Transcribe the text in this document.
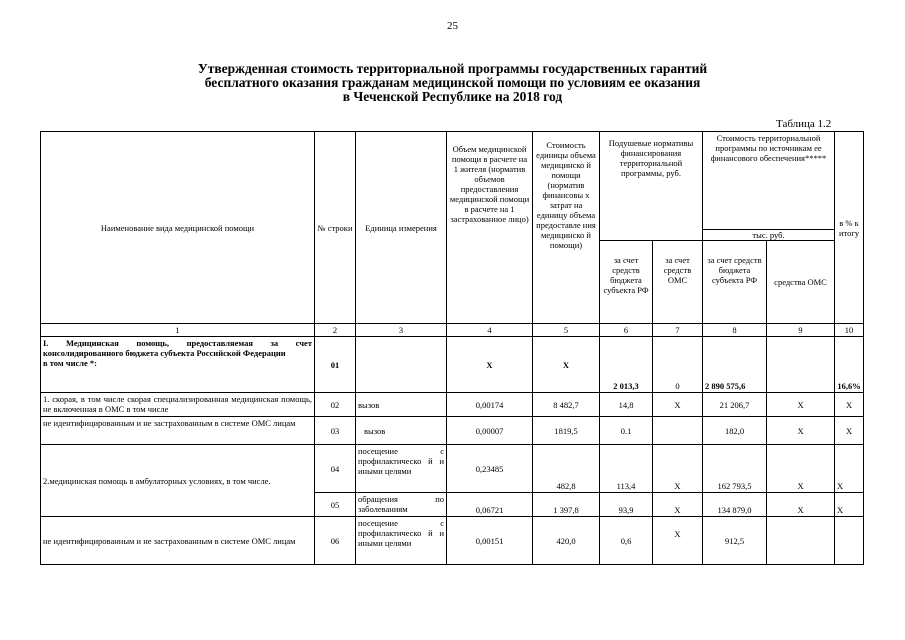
25
Утвержденная стоимость территориальной программы государственных гарантий
бесплатного оказания гражданам медицинской помощи по условиям ее оказания
в Чеченской Республике на 2018 год
Таблица 1.2
Наименование вида медицинской помощи	№ строки	Единица измерения	Объем медицинской помощи в расчете на 1 жителя (норматив объемов предоставления медицинской помощи в расчете на 1 застрахованное лицо)	Стоимость единицы объема медицинско й помощи (норматив финансовы х затрат на единицу объема предоставле ния медицинско й помощи)	Подушевые нормативы финансирования территориальной программы, руб.		Стоимость территориальной программы по источникам ее финансового обеспечения*****		в % к итогу
							тыс. руб.		
					за счет средств бюджета субъекта РФ	за счет средств ОМС	за счет средств бюджета субъекта РФ	средства ОМС	
1	2	3	4	5	6	7	8	9	10

I. Медицинская помощь, предоставляемая за счет консолидированного бюджета субъекта Российской Федерации
в том числе *:	01		X	X	2 013,3	0	2 890 575,6		16,6%
1. скорая, в том числе скорая специализированная медицинская помощь, не включенная в ОМС в том числе	02	вызов	0,00174	8 482,7	14,8	X	21 206,7	X	X
не идентифицированным и не застрахованным в системе ОМС лицам	03	вызов	0,00007	1819,5	0.1		182,0	X	X
2.медицинская помощь в амбулаторных условиях, в том числе.	04	посещение с профилактическо й и иными целями	0,23485	482,8	113,4	X	162 793,5	X	X
	05	обращения по заболеваниям	0,06721	1 397,8	93,9	X	134 879,0	X	X
не идентифицированным и не застрахованным в системе ОМС лицам	06	посещение с профилактическо й и иными целями	0,00151	420,0	0,6	X	912,5		
